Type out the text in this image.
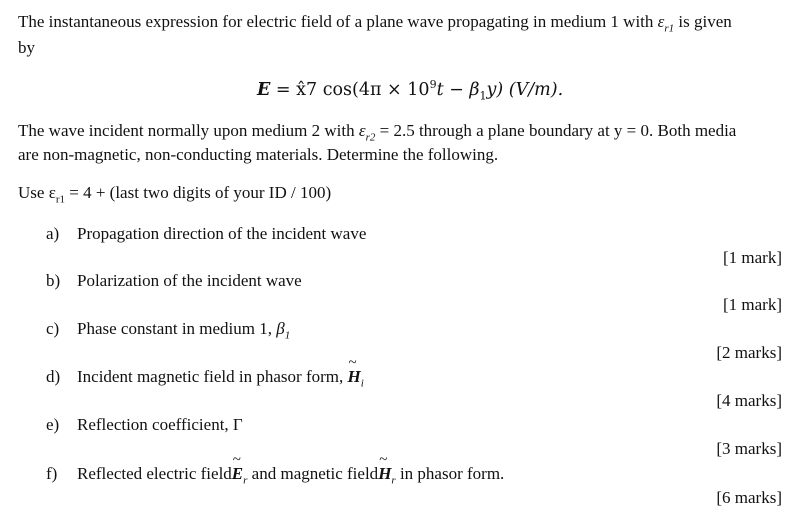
The instantaneous expression for electric field of a plane wave propagating in medium 1 with $\varepsilon_{r1}$ is given
by
E = x̂7 $\cos(4\pi \times 10^9t - \beta_1y)$ (V/m).
The wave incident normally upon medium 2 with $\varepsilon_{r2} = 2.5$ through a plane boundary at y = 0. Both media
are non-magnetic, non-conducting materials. Determine the following.
Use $\varepsilon_{r1} = 4$ + (last two digits of your ID / 100)
a) Propagation direction of the incident wave
[1 mark]
b) Polarization of the incident wave
[1 mark]
c) Phase constant in medium 1, $\beta_1$
[2 marks]
d) Incident magnetic field in phasor form, ~ $H_i$
[4 marks]
e) Reflection coefficient, Γ
[3 marks]
f) Reflected electric field~ $E_r$ and magnetic field~ $H_r$ in phasor form.
[6 marks]
